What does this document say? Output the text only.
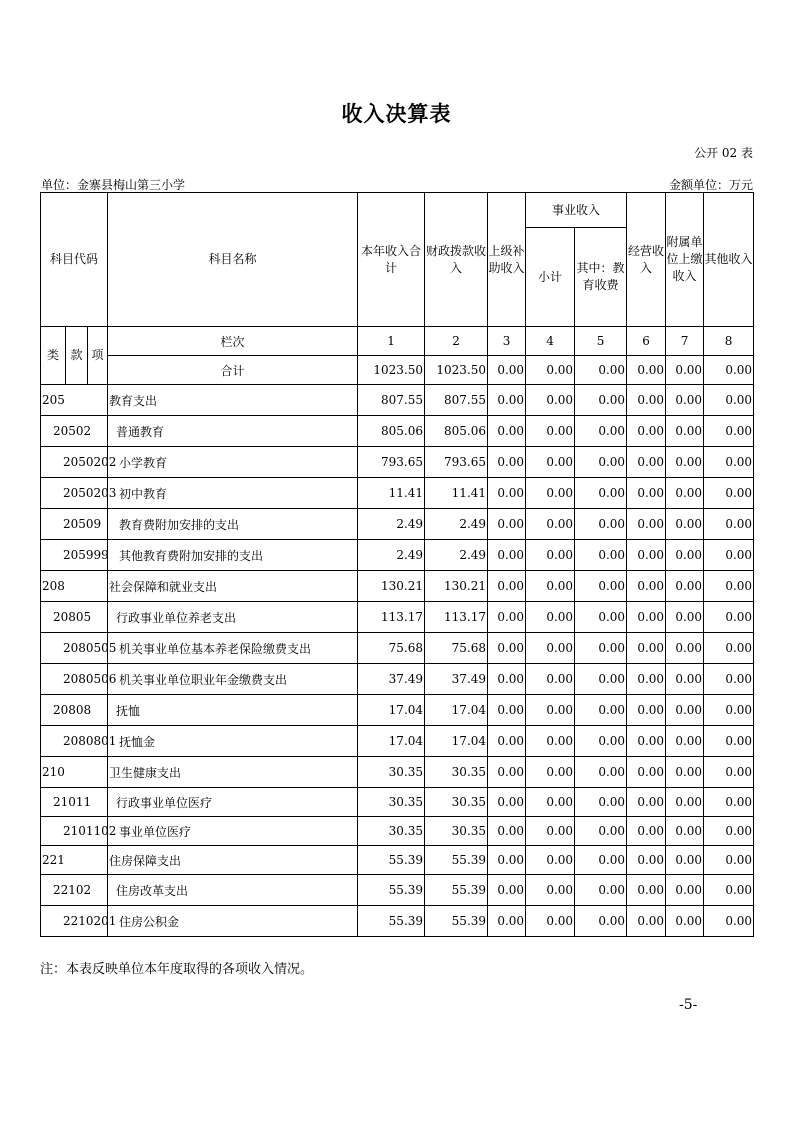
收入决算表
公开 02 表
单位：金寨县梅山第三小学	金额单位：万元
科目代码			科目名称	本年收入合计	财政拨款收入	上级补助收入	事业收入		经营收入	附属单位上缴收入	其他收入
							小计	其中：教育收费			

类	款	项	栏次	1	2	3	4	5	6	7	8
			合计	1023.50	1023.50	0.00	0.00	0.00	0.00	0.00	0.00
205			教育支出	807.55	807.55	0.00	0.00	0.00	0.00	0.00	0.00
20502			普通教育	805.06	805.06	0.00	0.00	0.00	0.00	0.00	0.00
2050202			小学教育	793.65	793.65	0.00	0.00	0.00	0.00	0.00	0.00
2050203			初中教育	11.41	11.41	0.00	0.00	0.00	0.00	0.00	0.00
20509			教育费附加安排的支出	2.49	2.49	0.00	0.00	0.00	0.00	0.00	0.00
205999			其他教育费附加安排的支出	2.49	2.49	0.00	0.00	0.00	0.00	0.00	0.00
208			社会保障和就业支出	130.21	130.21	0.00	0.00	0.00	0.00	0.00	0.00
20805			行政事业单位养老支出	113.17	113.17	0.00	0.00	0.00	0.00	0.00	0.00
2080505			机关事业单位基本养老保险缴费支出	75.68	75.68	0.00	0.00	0.00	0.00	0.00	0.00
2080506			机关事业单位职业年金缴费支出	37.49	37.49	0.00	0.00	0.00	0.00	0.00	0.00
20808			抚恤	17.04	17.04	0.00	0.00	0.00	0.00	0.00	0.00
2080801			抚恤金	17.04	17.04	0.00	0.00	0.00	0.00	0.00	0.00
210			卫生健康支出	30.35	30.35	0.00	0.00	0.00	0.00	0.00	0.00
21011			行政事业单位医疗	30.35	30.35	0.00	0.00	0.00	0.00	0.00	0.00
2101102			事业单位医疗	30.35	30.35	0.00	0.00	0.00	0.00	0.00	0.00
221			住房保障支出	55.39	55.39	0.00	0.00	0.00	0.00	0.00	0.00
22102			住房改革支出	55.39	55.39	0.00	0.00	0.00	0.00	0.00	0.00
2210201			住房公积金	55.39	55.39	0.00	0.00	0.00	0.00	0.00	0.00
注：本表反映单位本年度取得的各项收入情况。
-5-
